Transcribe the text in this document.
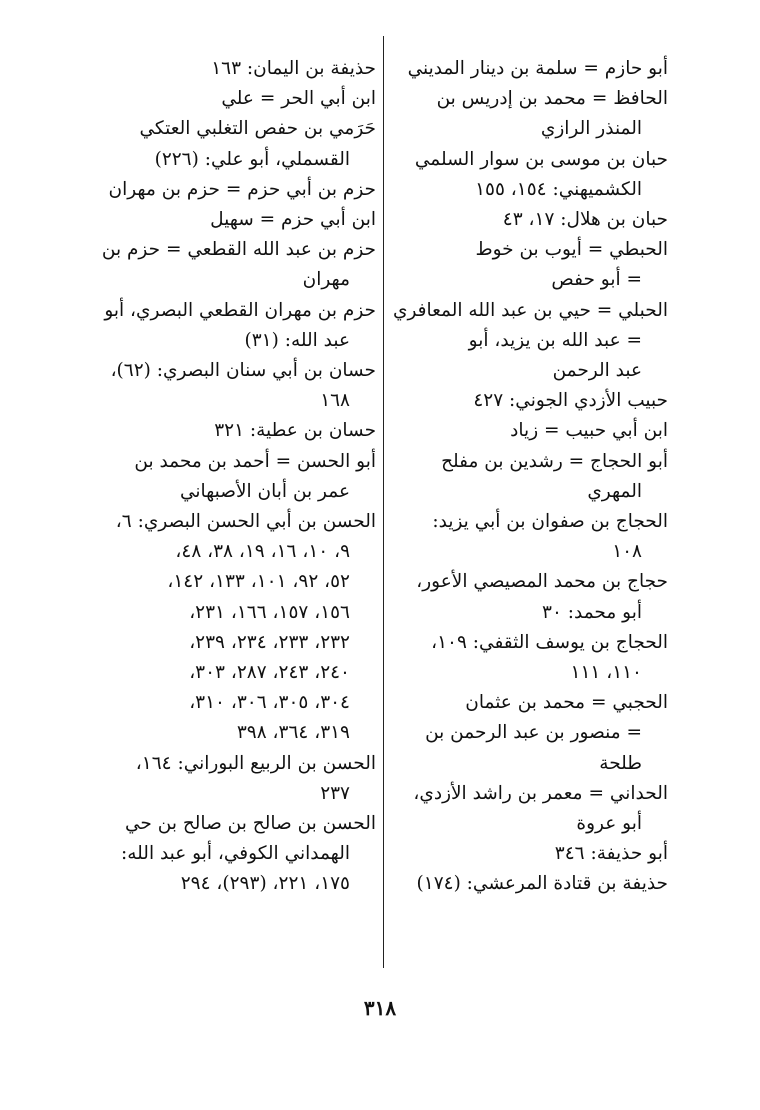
أبو حازم = سلمة بن دينار المديني
الحافظ = محمد بن إدريس بن
المنذر الرازي
حبان بن موسى بن سوار السلمي
الكشميهني: ١٥٤، ١٥٥
حبان بن هلال: ١٧، ٤٣
الحبطي = أيوب بن خوط
= أبو حفص
الحبلي = حيي بن عبد الله المعافري
= عبد الله بن يزيد، أبو
عبد الرحمن
حبيب الأزدي الجوني: ٤٢٧
ابن أبي حبيب = زياد
أبو الحجاج = رشدين بن مفلح
المهري
الحجاج بن صفوان بن أبي يزيد:
١٠٨
حجاج بن محمد المصيصي الأعور،
أبو محمد: ٣٠
الحجاج بن يوسف الثقفي: ١٠٩،
١١٠، ١١١
الحجبي = محمد بن عثمان
= منصور بن عبد الرحمن بن
طلحة
الحداني = معمر بن راشد الأزدي،
أبو عروة
أبو حذيفة: ٣٤٦
حذيفة بن قتادة المرعشي: (١٧٤)
حذيفة بن اليمان: ١٦٣
ابن أبي الحر = علي
حَرَمي بن حفص التغلبي العتكي
القسملي، أبو علي: (٢٢٦)
حزم بن أبي حزم = حزم بن مهران
ابن أبي حزم = سهيل
حزم بن عبد الله القطعي = حزم بن
مهران
حزم بن مهران القطعي البصري، أبو
عبد الله: (٣١)
حسان بن أبي سنان البصري: (٦٢)،
١٦٨
حسان بن عطية: ٣٢١
أبو الحسن = أحمد بن محمد بن
عمر بن أبان الأصبهاني
الحسن بن أبي الحسن البصري: ٦،
٩، ١٠، ١٦، ١٩، ٣٨، ٤٨،
٥٢، ٩٢، ١٠١، ١٣٣، ١٤٢،
١٥٦، ١٥٧، ١٦٦، ٢٣١،
٢٣٢، ٢٣٣، ٢٣٤، ٢٣٩،
٢٤٠، ٢٤٣، ٢٨٧، ٣٠٣،
٣٠٤، ٣٠٥، ٣٠٦، ٣١٠،
٣١٩، ٣٦٤، ٣٩٨
الحسن بن الربيع البوراني: ١٦٤،
٢٣٧
الحسن بن صالح بن صالح بن حي
الهمداني الكوفي، أبو عبد الله:
١٧٥، ٢٢١، (٢٩٣)، ٢٩٤
٣١٨
